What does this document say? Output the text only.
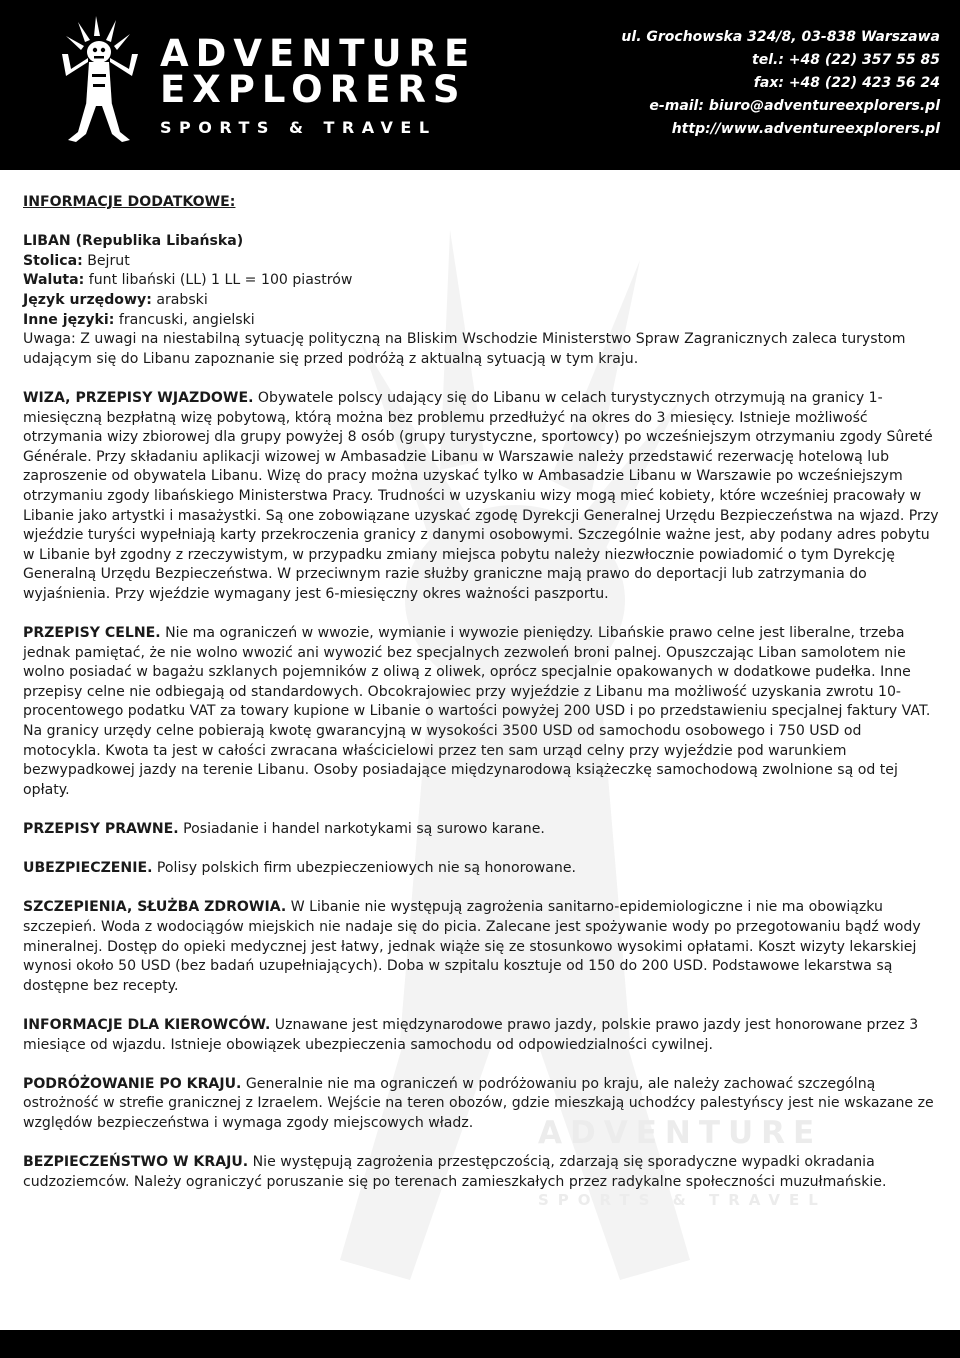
ADVENTURE
EXPLORERS
SPORTS & TRAVEL
ul. Grochowska 324/8, 03-838 Warszawa
tel.: +48 (22) 357 55 85
fax: +48 (22) 423 56 24
e-mail: biuro@adventureexplorers.pl
http://www.adventureexplorers.pl
ADVENTURE
SPORTS & TRAVEL

INFORMACJE DODATKOWE:

LIBAN (Republika Libańska)

Stolica: Bejrut

Waluta: funt libański (LL) 1 LL = 100 piastrów

Język urzędowy: arabski

Inne języki: francuski, angielski

Uwaga: Z uwagi na niestabilną sytuację polityczną na Bliskim Wschodzie Ministerstwo Spraw Zagranicznych zaleca turystom udającym się do Libanu zapoznanie się przed podróżą z aktualną sytuacją w tym kraju.

WIZA, PRZEPISY WJAZDOWE. Obywatele polscy udający się do Libanu w celach turystycznych otrzymują na granicy 1-miesięczną bezpłatną wizę pobytową, którą można bez problemu przedłużyć na okres do 3 miesięcy. Istnieje możliwość otrzymania wizy zbiorowej dla grupy powyżej 8 osób (grupy turystyczne, sportowcy) po wcześniejszym otrzymaniu zgody Sûreté Générale. Przy składaniu aplikacji wizowej w Ambasadzie Libanu w Warszawie należy przedstawić rezerwację hotelową lub zaproszenie od obywatela Libanu. Wizę do pracy można uzyskać tylko w Ambasadzie Libanu w Warszawie po wcześniejszym otrzymaniu zgody libańskiego Ministerstwa Pracy. Trudności w uzyskaniu wizy mogą mieć kobiety, które wcześniej pracowały w Libanie jako artystki i masażystki. Są one zobowiązane uzyskać zgodę Dyrekcji Generalnej Urzędu Bezpieczeństwa na wjazd. Przy wjeździe turyści wypełniają karty przekroczenia granicy z danymi osobowymi. Szczególnie ważne jest, aby podany adres pobytu w Libanie był zgodny z rzeczywistym, w przypadku zmiany miejsca pobytu należy niezwłocznie powiadomić o tym Dyrekcję Generalną Urzędu Bezpieczeństwa. W przeciwnym razie służby graniczne mają prawo do deportacji lub zatrzymania do wyjaśnienia. Przy wjeździe wymagany jest 6-miesięczny okres ważności paszportu.

PRZEPISY CELNE. Nie ma ograniczeń w wwozie, wymianie i wywozie pieniędzy. Libańskie prawo celne jest liberalne, trzeba jednak pamiętać, że nie wolno wwozić ani wywozić bez specjalnych zezwoleń broni palnej. Opuszczając Liban samolotem nie wolno posiadać w bagażu szklanych pojemników z oliwą z oliwek, oprócz specjalnie opakowanych w dodatkowe pudełka. Inne przepisy celne nie odbiegają od standardowych. Obcokrajowiec przy wyjeździe z Libanu ma możliwość uzyskania zwrotu 10-procentowego podatku VAT za towary kupione w Libanie o wartości powyżej 200 USD i po przedstawieniu specjalnej faktury VAT. Na granicy urzędy celne pobierają kwotę gwarancyjną w wysokości 3500 USD od samochodu osobowego i 750 USD od motocykla. Kwota ta jest w całości zwracana właścicielowi przez ten sam urząd celny przy wyjeździe pod warunkiem bezwypadkowej jazdy na terenie Libanu. Osoby posiadające międzynarodową książeczkę samochodową zwolnione są od tej opłaty.

PRZEPISY PRAWNE. Posiadanie i handel narkotykami są surowo karane.

UBEZPIECZENIE. Polisy polskich firm ubezpieczeniowych nie są honorowane.

SZCZEPIENIA, SŁUŻBA ZDROWIA. W Libanie nie występują zagrożenia sanitarno-epidemiologiczne i nie ma obowiązku szczepień. Woda z wodociągów miejskich nie nadaje się do picia. Zalecane jest spożywanie wody po przegotowaniu bądź wody mineralnej. Dostęp do opieki medycznej jest łatwy, jednak wiąże się ze stosunkowo wysokimi opłatami. Koszt wizyty lekarskiej wynosi około 50 USD (bez badań uzupełniających). Doba w szpitalu kosztuje od 150 do 200 USD. Podstawowe lekarstwa są dostępne bez recepty.

INFORMACJE DLA KIEROWCÓW. Uznawane jest międzynarodowe prawo jazdy, polskie prawo jazdy jest honorowane przez 3 miesiące od wjazdu. Istnieje obowiązek ubezpieczenia samochodu od odpowiedzialności cywilnej.

PODRÓŻOWANIE PO KRAJU. Generalnie nie ma ograniczeń w podróżowaniu po kraju, ale należy zachować szczególną ostrożność w strefie granicznej z Izraelem. Wejście na teren obozów, gdzie mieszkają uchodźcy palestyńscy jest nie wskazane ze względów bezpieczeństwa i wymaga zgody miejscowych władz.

BEZPIECZEŃSTWO W KRAJU. Nie występują zagrożenia przestępczością, zdarzają się sporadyczne wypadki okradania cudzoziemców. Należy ograniczyć poruszanie się po terenach zamieszkałych przez radykalne społeczności muzułmańskie.
